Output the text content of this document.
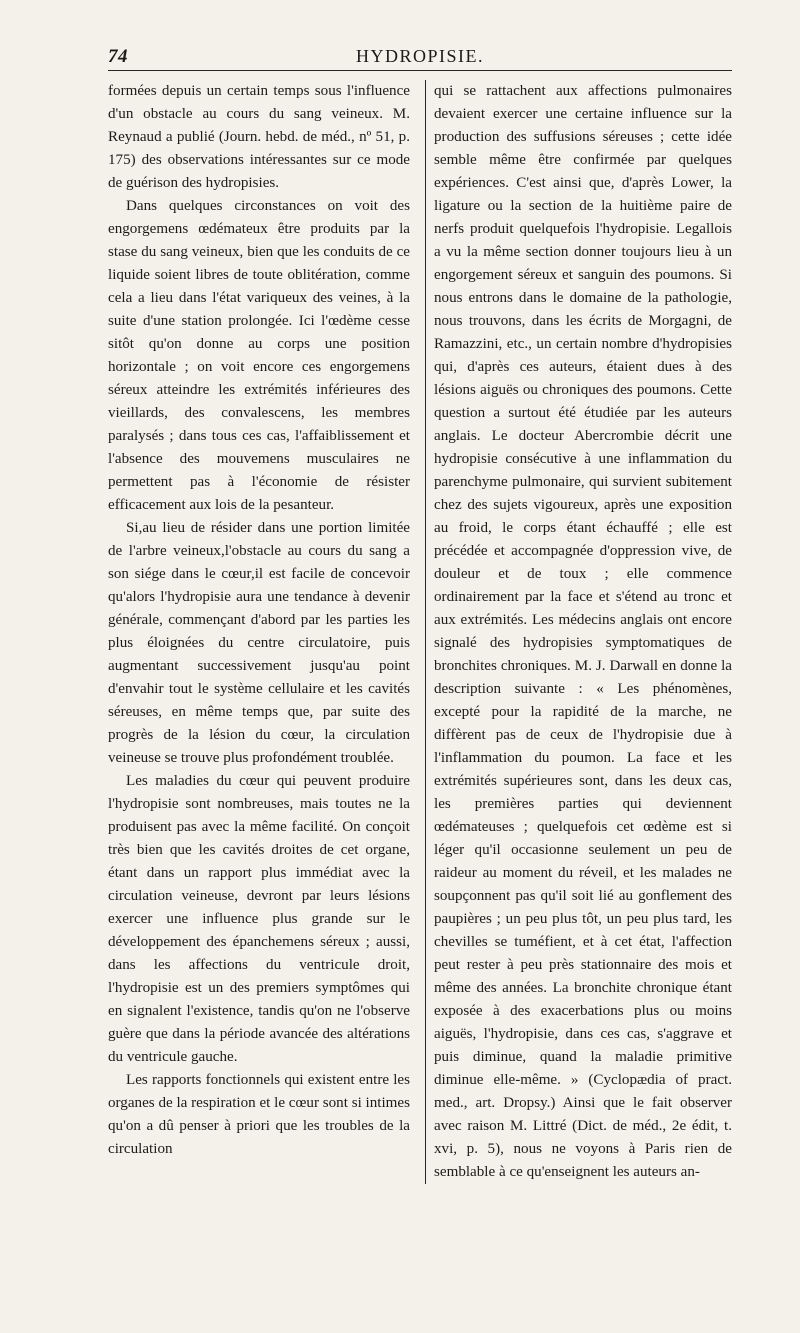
74	HYDROPISIE.

formées depuis un certain temps sous l'influence d'un obstacle au cours du sang veineux. M. Reynaud a publié (Journ. hebd. de méd., nº 51, p. 175) des observations intéressantes sur ce mode de guérison des hydropisies.

Dans quelques circonstances on voit des engorgemens œdémateux être produits par la stase du sang veineux, bien que les conduits de ce liquide soient libres de toute oblitération, comme cela a lieu dans l'état variqueux des veines, à la suite d'une station prolongée. Ici l'œdème cesse sitôt qu'on donne au corps une position horizontale ; on voit encore ces engorgemens séreux atteindre les extrémités inférieures des vieillards, des convalescens, les membres paralysés ; dans tous ces cas, l'affaiblissement et l'absence des mouvemens musculaires ne permettent pas à l'économie de résister efficacement aux lois de la pesanteur.

Si,au lieu de résider dans une portion limitée de l'arbre veineux,l'obstacle au cours du sang a son siége dans le cœur,il est facile de concevoir qu'alors l'hydropisie aura une tendance à devenir générale, commençant d'abord par les parties les plus éloignées du centre circulatoire, puis augmentant successivement jusqu'au point d'envahir tout le système cellulaire et les cavités séreuses, en même temps que, par suite des progrès de la lésion du cœur, la circulation veineuse se trouve plus profondément troublée.

Les maladies du cœur qui peuvent produire l'hydropisie sont nombreuses, mais toutes ne la produisent pas avec la même facilité. On conçoit très bien que les cavités droites de cet organe, étant dans un rapport plus immédiat avec la circulation veineuse, devront par leurs lésions exercer une influence plus grande sur le développement des épanchemens séreux ; aussi, dans les affections du ventricule droit, l'hydropisie est un des premiers symptômes qui en signalent l'existence, tandis qu'on ne l'observe guère que dans la période avancée des altérations du ventricule gauche.

Les rapports fonctionnels qui existent entre les organes de la respiration et le cœur sont si intimes qu'on a dû penser à priori que les troubles de la circulation

qui se rattachent aux affections pulmonaires devaient exercer une certaine influence sur la production des suffusions séreuses ; cette idée semble même être confirmée par quelques expériences. C'est ainsi que, d'après Lower, la ligature ou la section de la huitième paire de nerfs produit quelquefois l'hydropisie. Legallois a vu la même section donner toujours lieu à un engorgement séreux et sanguin des poumons. Si nous entrons dans le domaine de la pathologie, nous trouvons, dans les écrits de Morgagni, de Ramazzini, etc., un certain nombre d'hydropisies qui, d'après ces auteurs, étaient dues à des lésions aiguës ou chroniques des poumons. Cette question a surtout été étudiée par les auteurs anglais. Le docteur Abercrombie décrit une hydropisie consécutive à une inflammation du parenchyme pulmonaire, qui survient subitement chez des sujets vigoureux, après une exposition au froid, le corps étant échauffé ; elle est précédée et accompagnée d'oppression vive, de douleur et de toux ; elle commence ordinairement par la face et s'étend au tronc et aux extrémités. Les médecins anglais ont encore signalé des hydropisies symptomatiques de bronchites chroniques. M. J. Darwall en donne la description suivante : « Les phénomènes, excepté pour la rapidité de la marche, ne diffèrent pas de ceux de l'hydropisie due à l'inflammation du poumon. La face et les extrémités supérieures sont, dans les deux cas, les premières parties qui deviennent œdémateuses ; quelquefois cet œdème est si léger qu'il occasionne seulement un peu de raideur au moment du réveil, et les malades ne soupçonnent pas qu'il soit lié au gonflement des paupières ; un peu plus tôt, un peu plus tard, les chevilles se tuméfient, et à cet état, l'affection peut rester à peu près stationnaire des mois et même des années. La bronchite chronique étant exposée à des exacerbations plus ou moins aiguës, l'hydropisie, dans ces cas, s'aggrave et puis diminue, quand la maladie primitive diminue elle-même. » (Cyclopædia of pract. med., art. Dropsy.) Ainsi que le fait observer avec raison M. Littré (Dict. de méd., 2e édit, t. xvi, p. 5), nous ne voyons à Paris rien de semblable à ce qu'enseignent les auteurs an-
